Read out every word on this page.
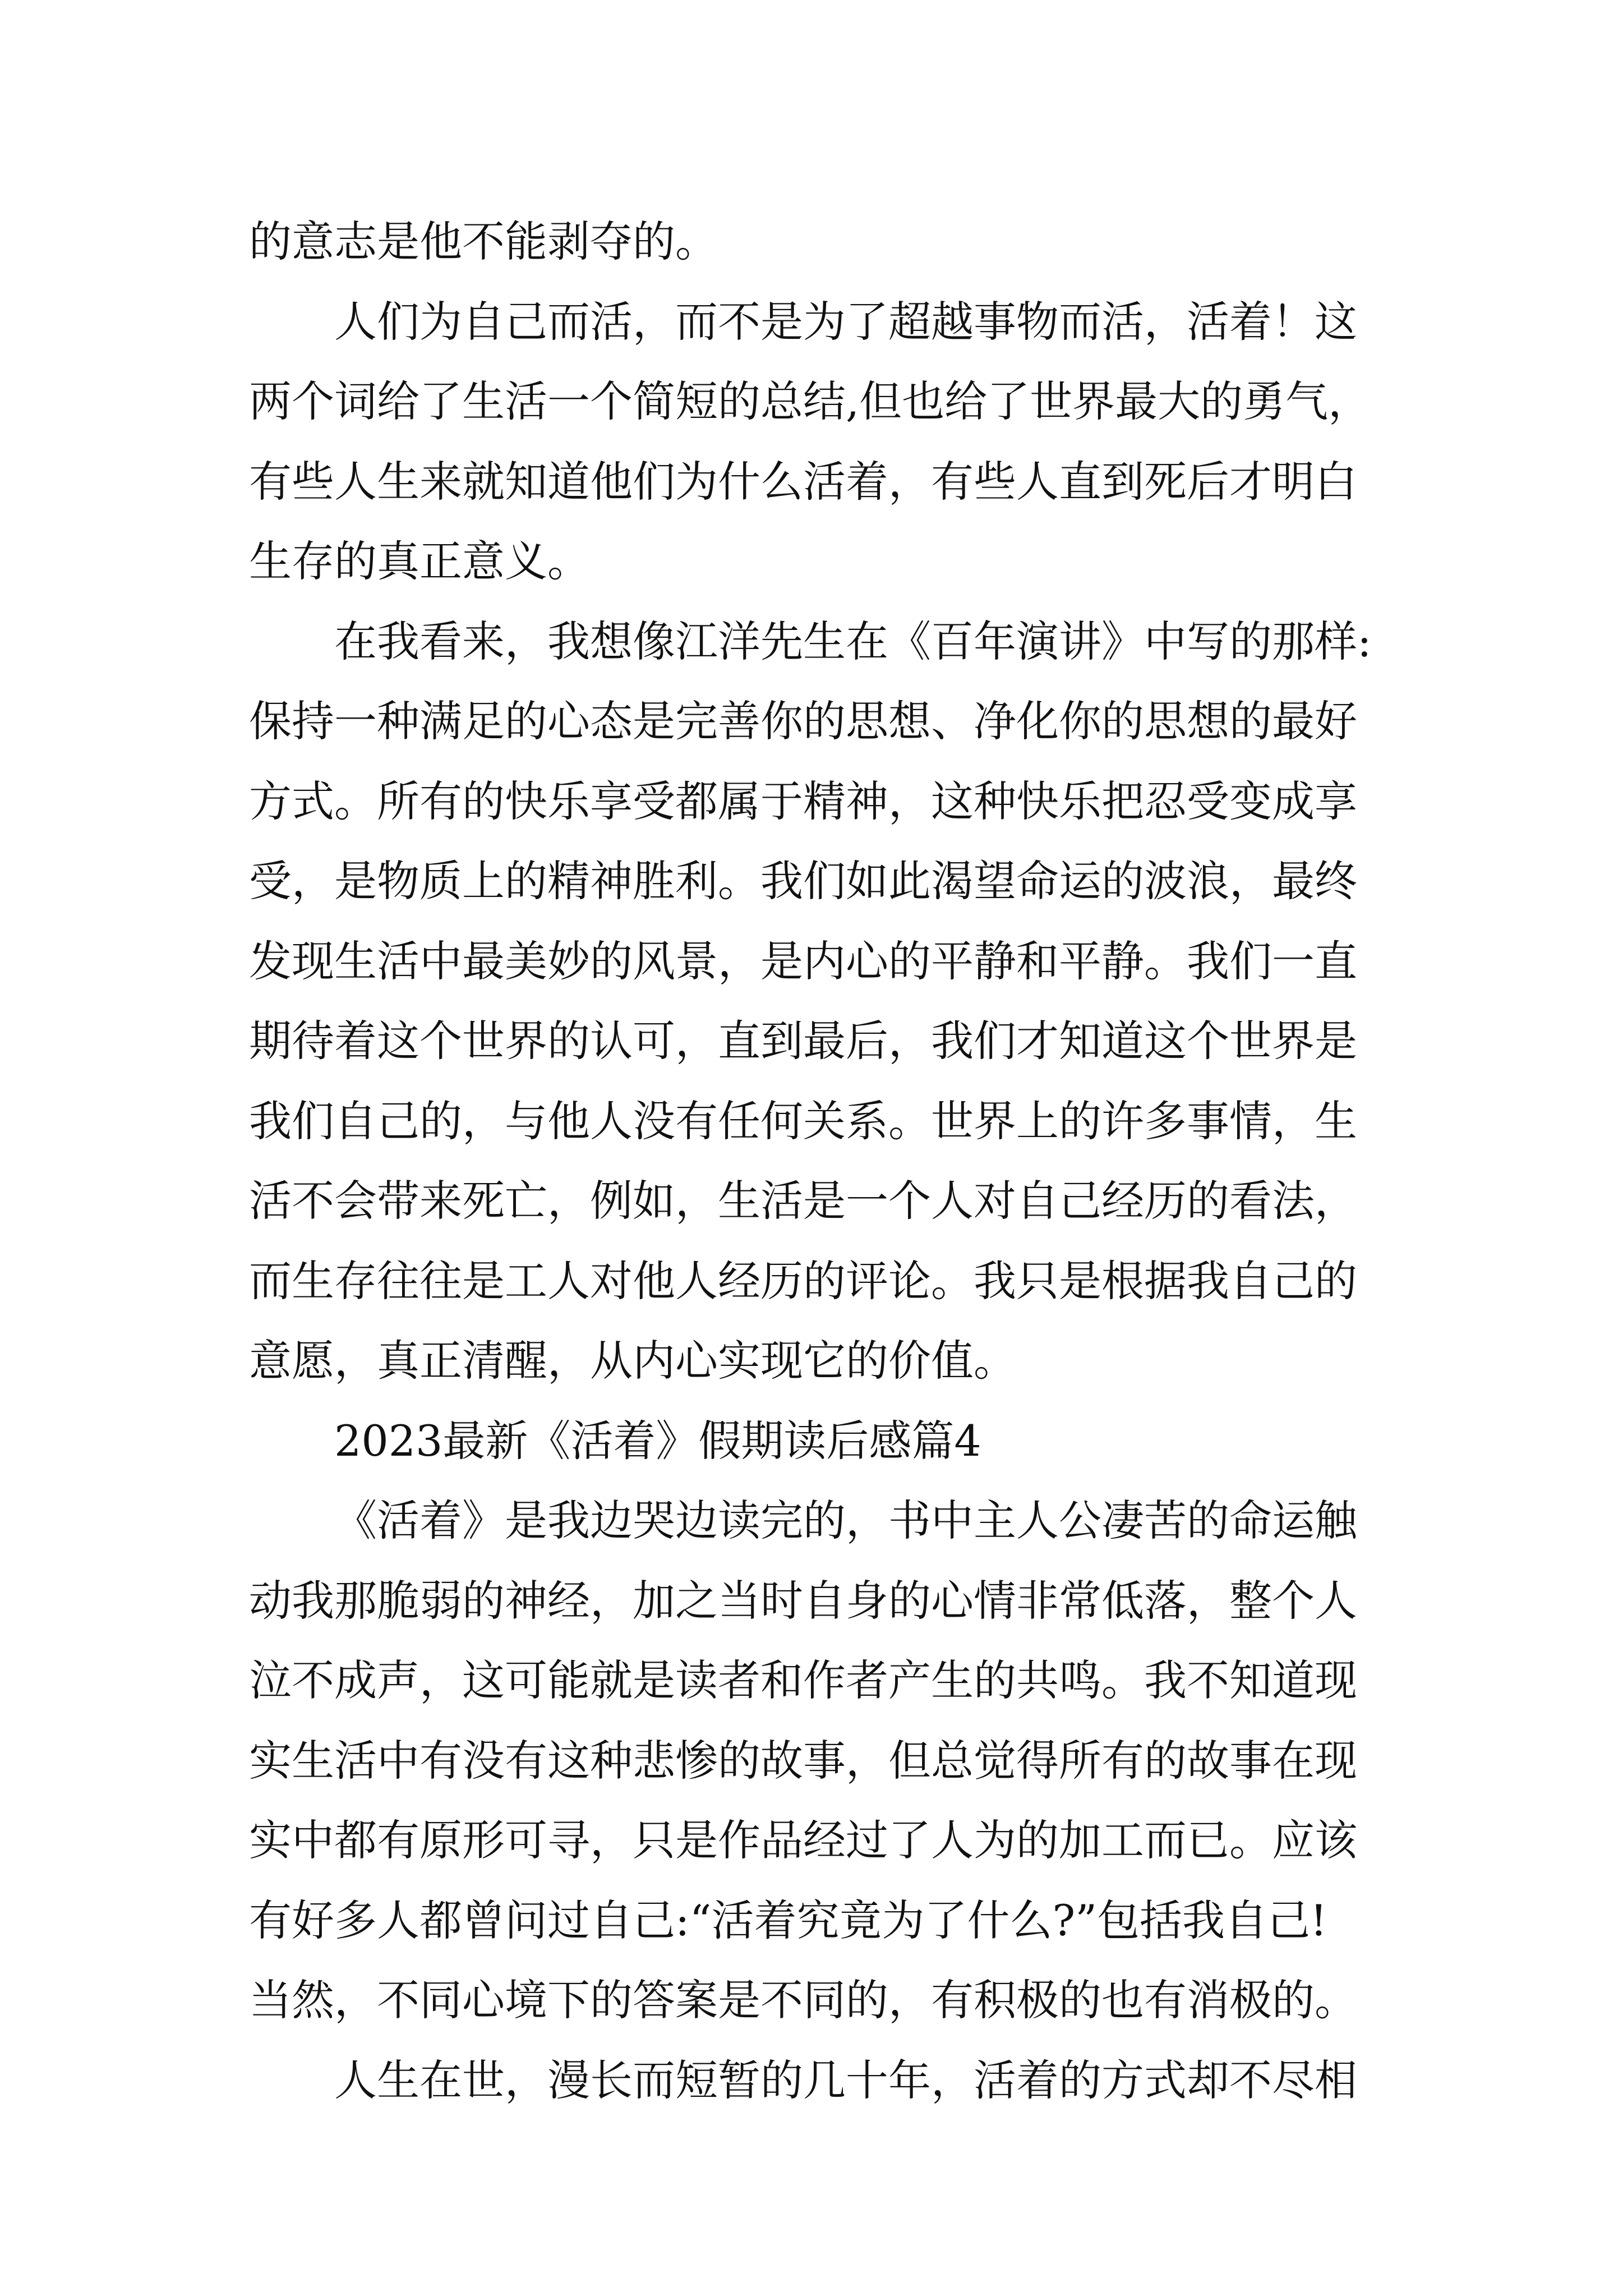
的意志是他不能剥夺的。
人们为自己而活，而不是为了超越事物而活，活着！这
两个词给了生活一个简短的总结,但也给了世界最大的勇气，
有些人生来就知道他们为什么活着，有些人直到死后才明白
生存的真正意义。
在我看来，我想像江洋先生在《百年演讲》中写的那样:
保持一种满足的心态是完善你的思想、净化你的思想的最好
方式。所有的快乐享受都属于精神，这种快乐把忍受变成享
受，是物质上的精神胜利。我们如此渴望命运的波浪，最终
发现生活中最美妙的风景，是内心的平静和平静。我们一直
期待着这个世界的认可，直到最后，我们才知道这个世界是
我们自己的，与他人没有任何关系。世界上的许多事情，生
活不会带来死亡，例如，生活是一个人对自己经历的看法，
而生存往往是工人对他人经历的评论。我只是根据我自己的
意愿，真正清醒，从内心实现它的价值。
2023最新《活着》假期读后感篇4
《活着》是我边哭边读完的，书中主人公凄苦的命运触
动我那脆弱的神经，加之当时自身的心情非常低落，整个人
泣不成声，这可能就是读者和作者产生的共鸣。我不知道现
实生活中有没有这种悲惨的故事，但总觉得所有的故事在现
实中都有原形可寻，只是作品经过了人为的加工而已。应该
有好多人都曾问过自己:“活着究竟为了什么?”包括我自己!
当然，不同心境下的答案是不同的，有积极的也有消极的。
人生在世，漫长而短暂的几十年，活着的方式却不尽相
